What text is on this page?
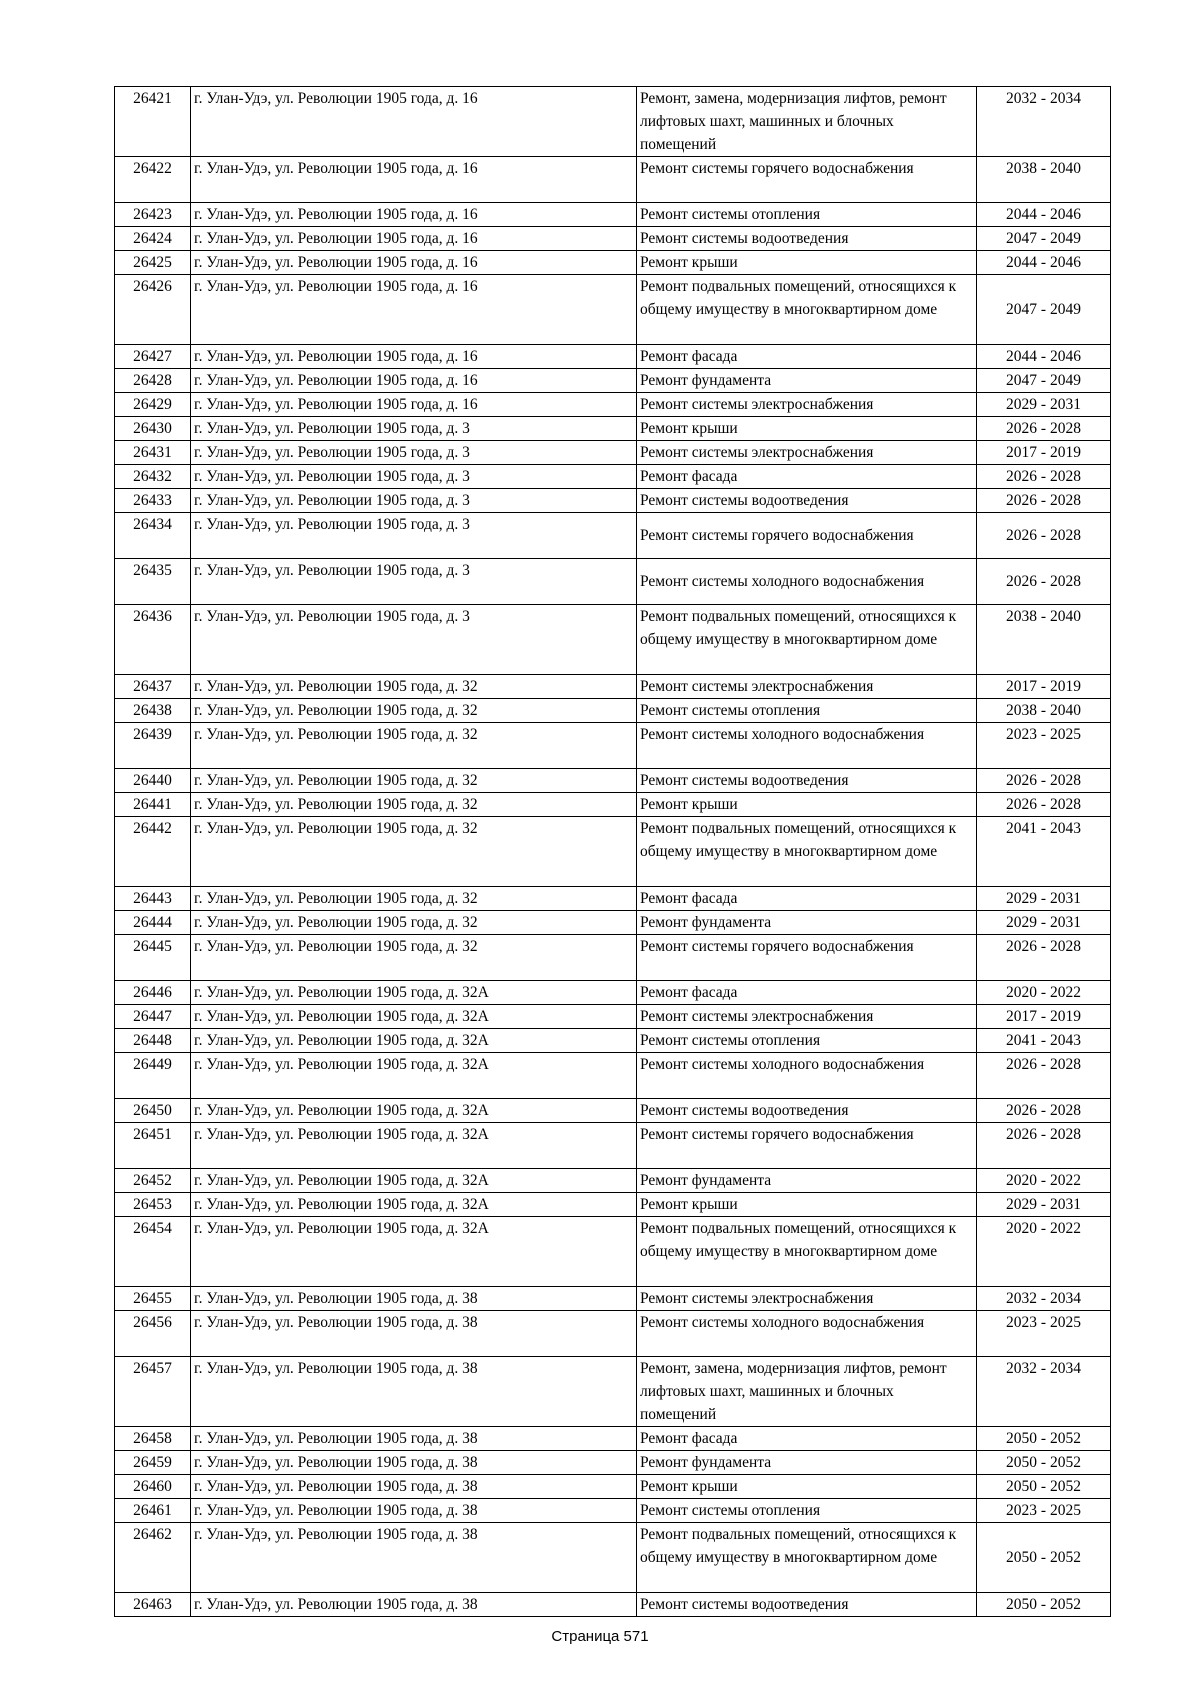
26421	г. Улан-Удэ, ул. Революции 1905 года, д. 16	Ремонт, замена, модернизация лифтов, ремонт лифтовых шахт, машинных и блочных помещений	2032 - 2034
26422	г. Улан-Удэ, ул. Революции 1905 года, д. 16	Ремонт системы горячего водоснабжения	2038 - 2040
26423	г. Улан-Удэ, ул. Революции 1905 года, д. 16	Ремонт системы отопления	2044 - 2046
26424	г. Улан-Удэ, ул. Революции 1905 года, д. 16	Ремонт системы водоотведения	2047 - 2049
26425	г. Улан-Удэ, ул. Революции 1905 года, д. 16	Ремонт крыши	2044 - 2046
26426	г. Улан-Удэ, ул. Революции 1905 года, д. 16	Ремонт подвальных помещений, относящихся к общему имуществу в многоквартирном доме	2047 - 2049
26427	г. Улан-Удэ, ул. Революции 1905 года, д. 16	Ремонт фасада	2044 - 2046
26428	г. Улан-Удэ, ул. Революции 1905 года, д. 16	Ремонт фундамента	2047 - 2049
26429	г. Улан-Удэ, ул. Революции 1905 года, д. 16	Ремонт системы электроснабжения	2029 - 2031
26430	г. Улан-Удэ, ул. Революции 1905 года, д. 3	Ремонт крыши	2026 - 2028
26431	г. Улан-Удэ, ул. Революции 1905 года, д. 3	Ремонт системы электроснабжения	2017 - 2019
26432	г. Улан-Удэ, ул. Революции 1905 года, д. 3	Ремонт фасада	2026 - 2028
26433	г. Улан-Удэ, ул. Революции 1905 года, д. 3	Ремонт системы водоотведения	2026 - 2028
26434	г. Улан-Удэ, ул. Революции 1905 года, д. 3	Ремонт системы горячего водоснабжения	2026 - 2028
26435	г. Улан-Удэ, ул. Революции 1905 года, д. 3	Ремонт системы холодного водоснабжения	2026 - 2028
26436	г. Улан-Удэ, ул. Революции 1905 года, д. 3	Ремонт подвальных помещений, относящихся к общему имуществу в многоквартирном доме	2038 - 2040
26437	г. Улан-Удэ, ул. Революции 1905 года, д. 32	Ремонт системы электроснабжения	2017 - 2019
26438	г. Улан-Удэ, ул. Революции 1905 года, д. 32	Ремонт системы отопления	2038 - 2040
26439	г. Улан-Удэ, ул. Революции 1905 года, д. 32	Ремонт системы холодного водоснабжения	2023 - 2025
26440	г. Улан-Удэ, ул. Революции 1905 года, д. 32	Ремонт системы водоотведения	2026 - 2028
26441	г. Улан-Удэ, ул. Революции 1905 года, д. 32	Ремонт крыши	2026 - 2028
26442	г. Улан-Удэ, ул. Революции 1905 года, д. 32	Ремонт подвальных помещений, относящихся к общему имуществу в многоквартирном доме	2041 - 2043
26443	г. Улан-Удэ, ул. Революции 1905 года, д. 32	Ремонт фасада	2029 - 2031
26444	г. Улан-Удэ, ул. Революции 1905 года, д. 32	Ремонт фундамента	2029 - 2031
26445	г. Улан-Удэ, ул. Революции 1905 года, д. 32	Ремонт системы горячего водоснабжения	2026 - 2028
26446	г. Улан-Удэ, ул. Революции 1905 года, д. 32А	Ремонт фасада	2020 - 2022
26447	г. Улан-Удэ, ул. Революции 1905 года, д. 32А	Ремонт системы электроснабжения	2017 - 2019
26448	г. Улан-Удэ, ул. Революции 1905 года, д. 32А	Ремонт системы отопления	2041 - 2043
26449	г. Улан-Удэ, ул. Революции 1905 года, д. 32А	Ремонт системы холодного водоснабжения	2026 - 2028
26450	г. Улан-Удэ, ул. Революции 1905 года, д. 32А	Ремонт системы водоотведения	2026 - 2028
26451	г. Улан-Удэ, ул. Революции 1905 года, д. 32А	Ремонт системы горячего водоснабжения	2026 - 2028
26452	г. Улан-Удэ, ул. Революции 1905 года, д. 32А	Ремонт фундамента	2020 - 2022
26453	г. Улан-Удэ, ул. Революции 1905 года, д. 32А	Ремонт крыши	2029 - 2031
26454	г. Улан-Удэ, ул. Революции 1905 года, д. 32А	Ремонт подвальных помещений, относящихся к общему имуществу в многоквартирном доме	2020 - 2022
26455	г. Улан-Удэ, ул. Революции 1905 года, д. 38	Ремонт системы электроснабжения	2032 - 2034
26456	г. Улан-Удэ, ул. Революции 1905 года, д. 38	Ремонт системы холодного водоснабжения	2023 - 2025
26457	г. Улан-Удэ, ул. Революции 1905 года, д. 38	Ремонт, замена, модернизация лифтов, ремонт лифтовых шахт, машинных и блочных помещений	2032 - 2034
26458	г. Улан-Удэ, ул. Революции 1905 года, д. 38	Ремонт фасада	2050 - 2052
26459	г. Улан-Удэ, ул. Революции 1905 года, д. 38	Ремонт фундамента	2050 - 2052
26460	г. Улан-Удэ, ул. Революции 1905 года, д. 38	Ремонт крыши	2050 - 2052
26461	г. Улан-Удэ, ул. Революции 1905 года, д. 38	Ремонт системы отопления	2023 - 2025
26462	г. Улан-Удэ, ул. Революции 1905 года, д. 38	Ремонт подвальных помещений, относящихся к общему имуществу в многоквартирном доме	2050 - 2052
26463	г. Улан-Удэ, ул. Революции 1905 года, д. 38	Ремонт системы водоотведения	2050 - 2052
Страница 571
